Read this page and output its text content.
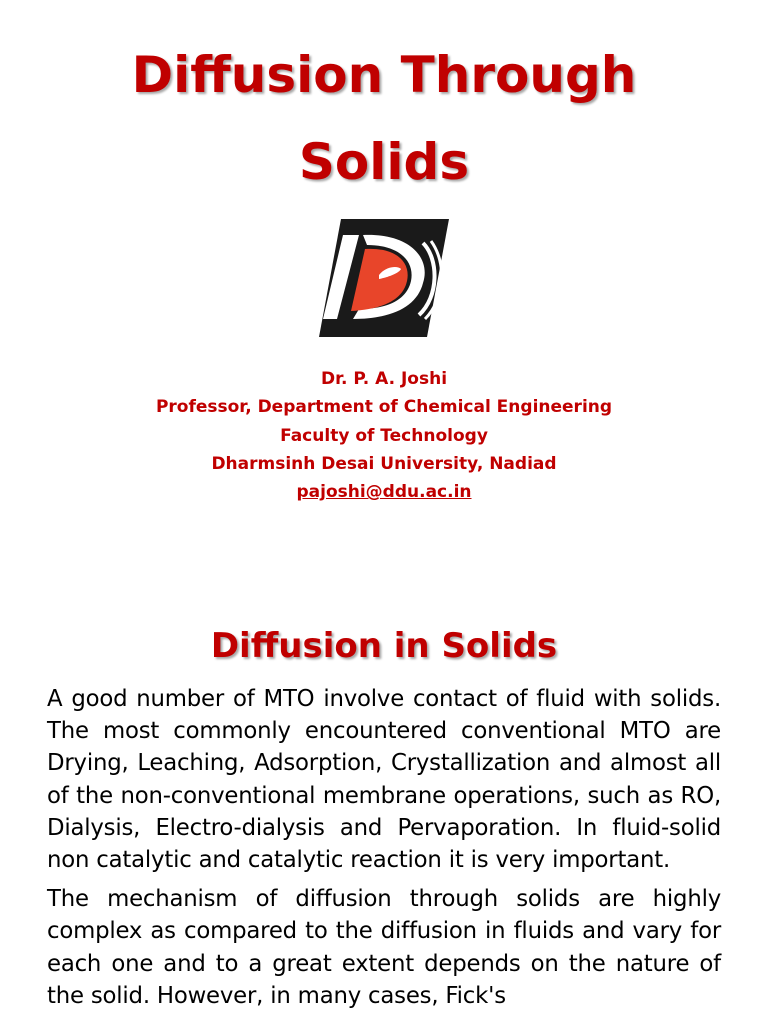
Diffusion Through
Solids
Dr. P. A. Joshi
Professor, Department of Chemical Engineering
Faculty of Technology
Dharmsinh Desai University, Nadiad
pajoshi@ddu.ac.in
Diffusion in Solids

A good number of MTO involve contact of fluid with solids. The most commonly encountered conventional MTO are Drying, Leaching, Adsorption, Crystallization and almost all of the non-conventional membrane operations, such as RO, Dialysis, Electro-dialysis and Pervaporation. In fluid-solid non catalytic and catalytic reaction it is very important.

The mechanism of diffusion through solids are highly complex as compared to the diffusion in fluids and vary for each one and to a great extent depends on the nature of the solid. However, in many cases, Fick's
